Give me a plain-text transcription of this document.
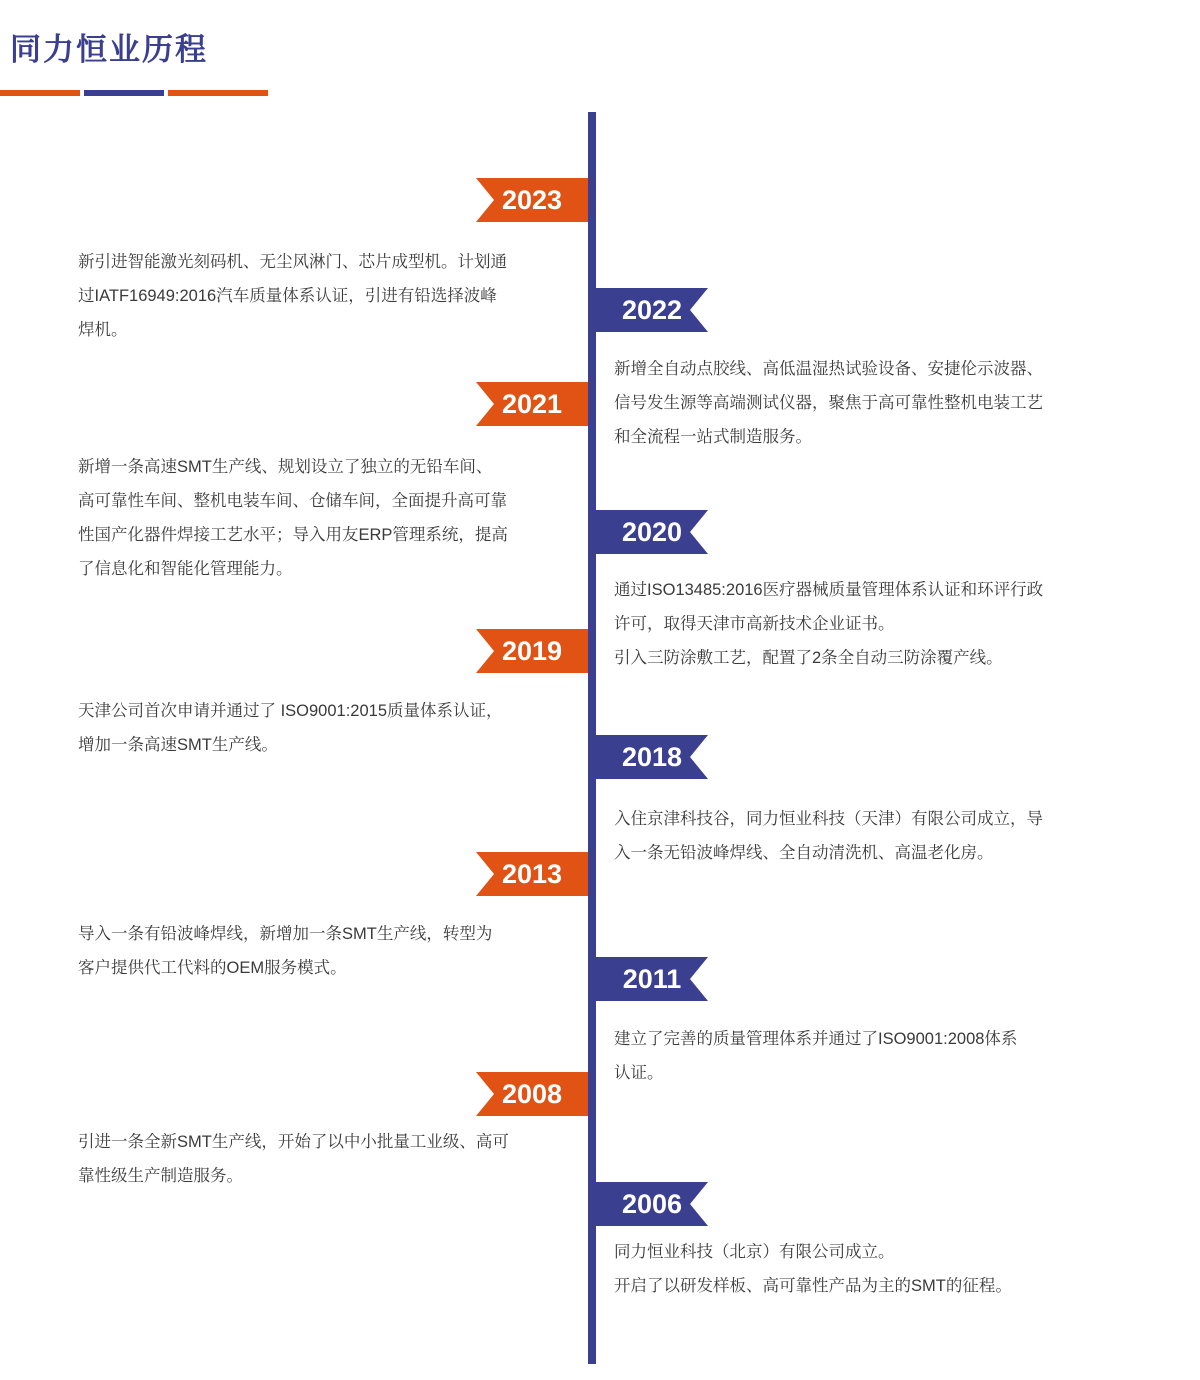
同力恒业历程
2023

新引进智能激光刻码机、无尘风淋门、芯片成型机。计划通

过IATF16949:2016汽车质量体系认证，引进有铅选择波峰

焊机。

2022

新增全自动点胶线、高低温湿热试验设备、安捷伦示波器、

信号发生源等高端测试仪器，聚焦于高可靠性整机电装工艺

和全流程一站式制造服务。

2021

新增一条高速SMT生产线、规划设立了独立的无铅车间、

高可靠性车间、整机电装车间、仓储车间，全面提升高可靠

性国产化器件焊接工艺水平；导入用友ERP管理系统，提高

了信息化和智能化管理能力。

2020

通过ISO13485:2016医疗器械质量管理体系认证和环评行政

许可，取得天津市高新技术企业证书。

引入三防涂敷工艺，配置了2条全自动三防涂覆产线。

2019

天津公司首次申请并通过了 ISO9001:2015质量体系认证，

增加一条高速SMT生产线。	2018

入住京津科技谷，同力恒业科技（天津）有限公司成立，导

入一条无铅波峰焊线、全自动清洗机、高温老化房。

2013

导入一条有铅波峰焊线，新增加一条SMT生产线，转型为

客户提供代工代料的OEM服务模式。	2011

建立了完善的质量管理体系并通过了ISO9001:2008体系

认证。

2008

引进一条全新SMT生产线，开始了以中小批量工业级、高可

靠性级生产制造服务。

2006

同力恒业科技（北京）有限公司成立。

开启了以研发样板、高可靠性产品为主的SMT的征程。
